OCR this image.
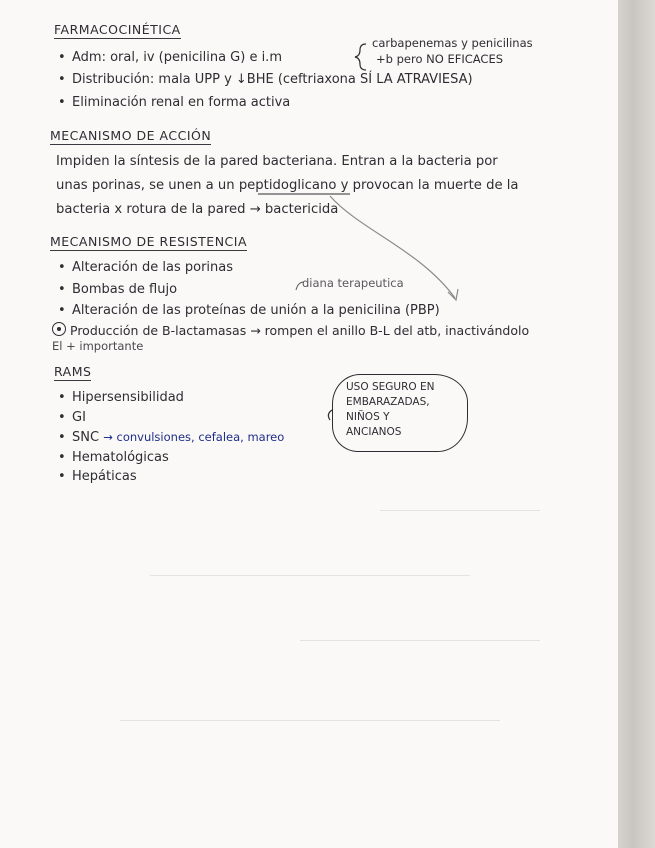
FARMACOCINÉTICA
• Adm: oral, iv (penicilina G) e i.m
• Distribución: mala UPP y ↓BHE (ceftriaxona SÍ LA ATRAVIESA)
• Eliminación renal en forma activa
carbapenemas y penicilinas
+b pero NO EFICACES
MECANISMO DE ACCIÓN
Impiden la síntesis de la pared bacteriana. Entran a la bacteria por
unas porinas, se unen a un peptidoglicano y provocan la muerte de la
bacteria x rotura de la pared → bactericida
MECANISMO DE RESISTENCIA
diana terapeutica
• Alteración de las porinas
• Bombas de flujo
• Alteración de las proteínas de unión a la penicilina (PBP)
Producción de B-lactamasas → rompen el anillo B-L del atb, inactivándolo
El + importante
RAMS
• Hipersensibilidad
• GI
• SNC → convulsiones, cefalea, mareo
• Hematológicas
• Hepáticas
USO SEGURO EN
EMBARAZADAS,
NIÑOS Y
ANCIANOS
